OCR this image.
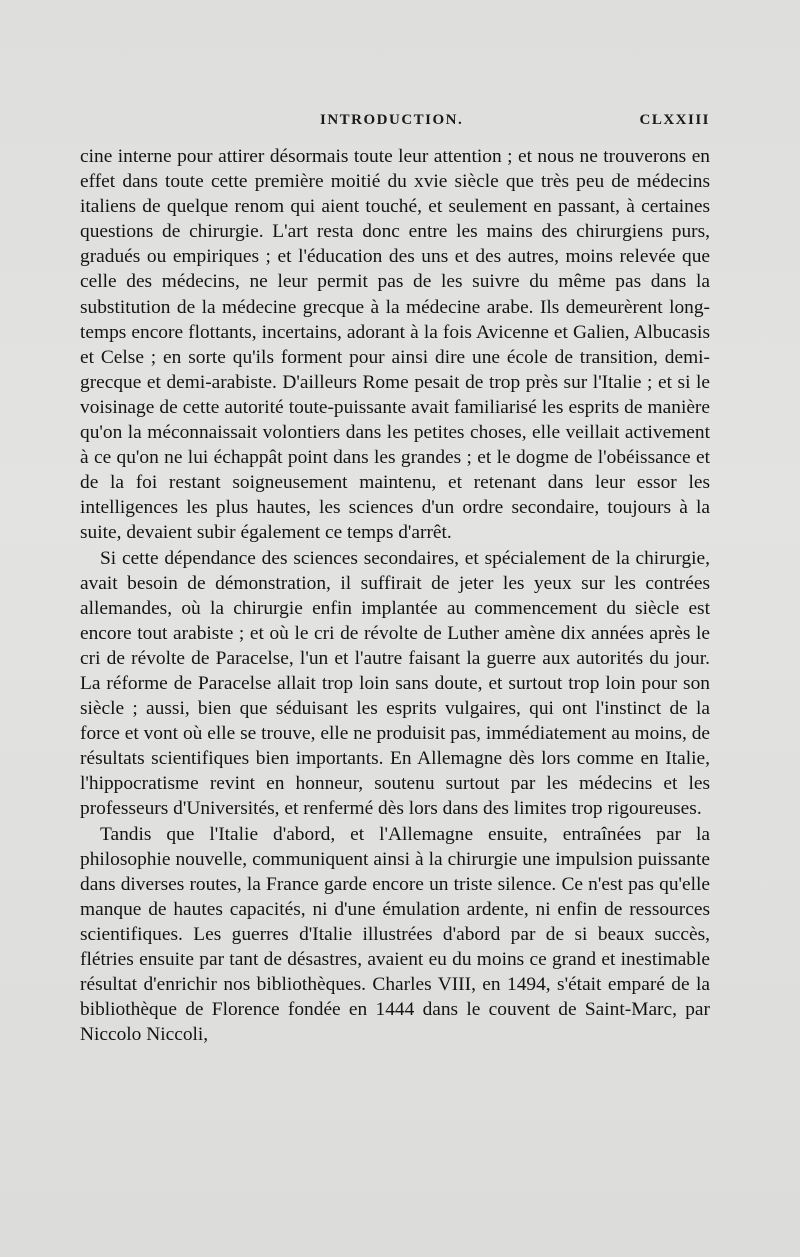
INTRODUCTION.	CLXXIII

cine interne pour attirer désormais toute leur attention ; et nous ne trouverons en effet dans toute cette première moitié du xvie siècle que très peu de médecins italiens de quelque renom qui aient touché, et seulement en passant, à certaines questions de chirurgie. L'art resta donc entre les mains des chirurgiens purs, gradués ou empiriques ; et l'éducation des uns et des autres, moins relevée que celle des médecins, ne leur permit pas de les suivre du même pas dans la substitution de la médecine grecque à la médecine arabe. Ils demeurèrent long-temps encore flottants, incertains, adorant à la fois Avicenne et Galien, Albucasis et Celse ; en sorte qu'ils forment pour ainsi dire une école de transition, demi-grecque et demi-arabiste. D'ailleurs Rome pesait de trop près sur l'Italie ; et si le voisinage de cette autorité toute-puissante avait familiarisé les esprits de manière qu'on la méconnaissait volontiers dans les petites choses, elle veillait activement à ce qu'on ne lui échappât point dans les grandes ; et le dogme de l'obéissance et de la foi restant soigneusement maintenu, et retenant dans leur essor les intelligences les plus hautes, les sciences d'un ordre secondaire, toujours à la suite, devaient subir également ce temps d'arrêt.

Si cette dépendance des sciences secondaires, et spécialement de la chirurgie, avait besoin de démonstration, il suffirait de jeter les yeux sur les contrées allemandes, où la chirurgie enfin implantée au commencement du siècle est encore tout arabiste ; et où le cri de révolte de Luther amène dix années après le cri de révolte de Paracelse, l'un et l'autre faisant la guerre aux autorités du jour. La réforme de Paracelse allait trop loin sans doute, et surtout trop loin pour son siècle ; aussi, bien que séduisant les esprits vulgaires, qui ont l'instinct de la force et vont où elle se trouve, elle ne produisit pas, immédiatement au moins, de résultats scientifiques bien importants. En Allemagne dès lors comme en Italie, l'hippocratisme revint en honneur, soutenu surtout par les médecins et les professeurs d'Universités, et renfermé dès lors dans des limites trop rigoureuses.

Tandis que l'Italie d'abord, et l'Allemagne ensuite, entraînées par la philosophie nouvelle, communiquent ainsi à la chirurgie une impulsion puissante dans diverses routes, la France garde encore un triste silence. Ce n'est pas qu'elle manque de hautes capacités, ni d'une émulation ardente, ni enfin de ressources scientifiques. Les guerres d'Italie illustrées d'abord par de si beaux succès, flétries ensuite par tant de désastres, avaient eu du moins ce grand et inestimable résultat d'enrichir nos bibliothèques. Charles VIII, en 1494, s'était emparé de la bibliothèque de Florence fondée en 1444 dans le couvent de Saint-Marc, par Niccolo Niccoli,
